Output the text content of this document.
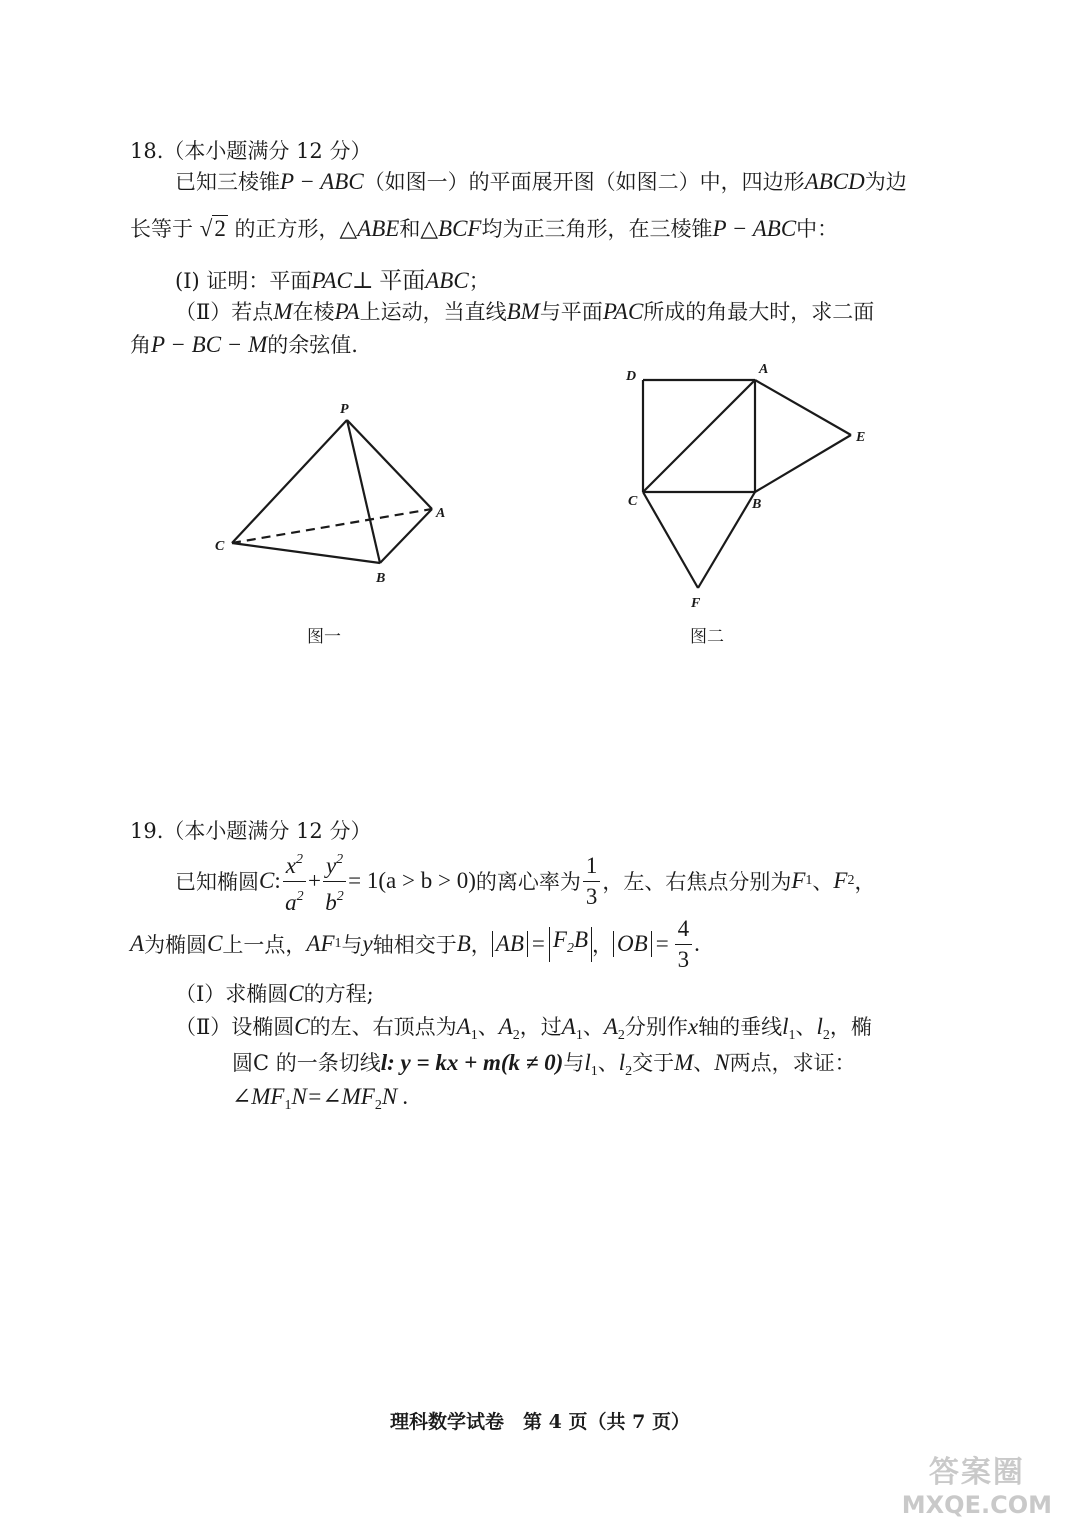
18.（本小题满分 12 分）
已知三棱锥P − ABC（如图一）的平面展开图（如图二）中，四边形ABCD为边
长等于 √2 的正方形，△ABE和△BCF均为正三角形，在三棱锥P − ABC中：
(Ⅰ) 证明：平面PAC⊥ 平面ABC；
（Ⅱ）若点M在棱PA上运动，当直线BM与平面PAC所成的角最大时，求二面
角P − BC − M的余弦值.
P
A
B
C
图一
D	A
E
C	B
F
图二
19.（本小题满分 12 分）
已知椭圆 C : $\frac{x^2}{a^2} + \frac{y^2}{b^2} = 1(a > b > 0)$ 的离心率为 $\frac{1}{3}$ ，左、右焦点分别为 F 1 、 F 2 ，
A 为椭圆 C 上一点， AF 1 与 y 轴相交于 B ， AB = $F_2B$ ， OB = $\frac{4}{3}$ .
（Ⅰ）求椭圆C的方程;
（Ⅱ）设椭圆C的左、右顶点为$A_1$、$A_2$，过$A_1$、$A_2$分别作x轴的垂线$l_1$、$l_2$，椭
圆C 的一条切线l: y = kx + m(k ≠ 0)与$l_1$、$l_2$交于M、N两点，求证：
$\angle MF_1N=\angle MF_2N$ .
理科数学试卷　第 4 页（共 7 页）
答案圈
MXQE.COM
